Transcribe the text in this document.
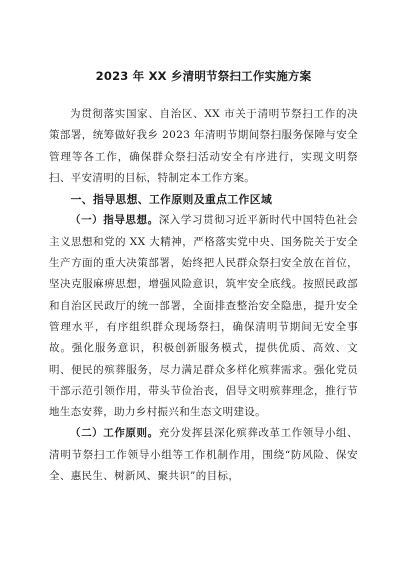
2023 年 XX 乡清明节祭扫工作实施方案

为贯彻落实国家、自治区、XX 市关于清明节祭扫工作的决策部署，统筹做好我乡 2023 年清明节期间祭扫服务保障与安全管理等各工作，确保群众祭扫活动安全有序进行，实现文明祭扫、平安清明的目标，特制定本工作方案。

一、指导思想、工作原则及重点工作区域

（一）指导思想。深入学习贯彻习近平新时代中国特色社会主义思想和党的 XX 大精神，严格落实党中央、国务院关于安全生产方面的重大决策部署，始终把人民群众祭扫安全放在首位，坚决克服麻痹思想，增强风险意识，筑牢安全底线。按照民政部和自治区民政厅的统一部署，全面排查整治安全隐患，提升安全管理水平，有序组织群众现场祭扫，确保清明节期间无安全事故。强化服务意识，积极创新服务模式，提供优质、高效、文明、便民的殡葬服务，尽力满足群众多样化殡葬需求。强化党员干部示范引领作用，带头节俭治丧，倡导文明殡葬理念，推行节地生态安葬，助力乡村振兴和生态文明建设。

（二）工作原则。充分发挥县深化殡葬改革工作领导小组、清明节祭扫工作领导小组等工作机制作用，围绕“防风险、保安全、惠民生、树新风、聚共识”的目标，
